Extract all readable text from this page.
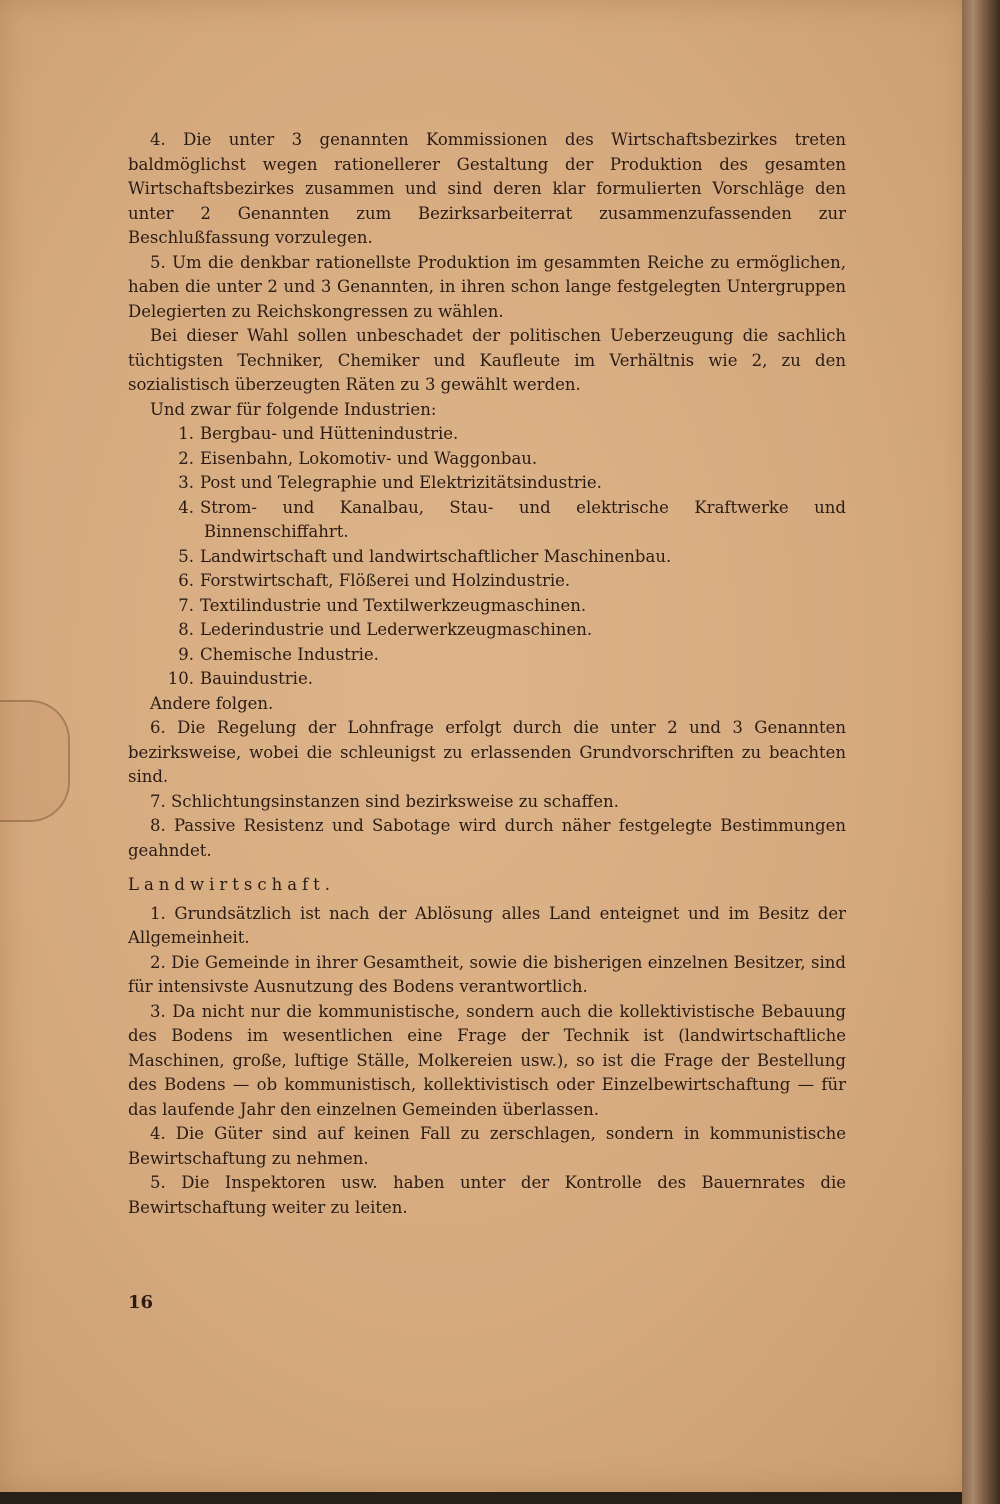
4. Die unter 3 genannten Kommissionen des Wirtschaftsbezirkes treten baldmöglichst wegen rationellerer Gestaltung der Produktion des gesamten Wirtschaftsbezirkes zusammen und sind deren klar formulierten Vorschläge den unter 2 Genannten zum Bezirksarbeiterrat zusammenzufassenden zur Beschlußfassung vorzulegen.

5. Um die denkbar rationellste Produktion im gesammten Reiche zu ermöglichen, haben die unter 2 und 3 Genannten, in ihren schon lange festgelegten Untergruppen Delegierten zu Reichskongressen zu wählen.

Bei dieser Wahl sollen unbeschadet der politischen Ueberzeugung die sachlich tüchtigsten Techniker, Chemiker und Kaufleute im Verhältnis wie 2, zu den sozialistisch überzeugten Räten zu 3 gewählt werden.

Und zwar für folgende Industrien:

1. Bergbau- und Hüttenindustrie.
2. Eisenbahn, Lokomotiv- und Waggonbau.
3. Post und Telegraphie und Elektrizitätsindustrie.
4. Strom- und Kanalbau, Stau- und elektrische Kraftwerke und Binnenschiffahrt.
5. Landwirtschaft und landwirtschaftlicher Maschinenbau.
6. Forstwirtschaft, Flößerei und Holzindustrie.
7. Textilindustrie und Textilwerkzeugmaschinen.
8. Lederindustrie und Lederwerkzeugmaschinen.
9. Chemische Industrie.
10. Bauindustrie.

Andere folgen.

6. Die Regelung der Lohnfrage erfolgt durch die unter 2 und 3 Genannten bezirksweise, wobei die schleunigst zu erlassenden Grundvorschriften zu beachten sind.

7. Schlichtungsinstanzen sind bezirksweise zu schaffen.

8. Passive Resistenz und Sabotage wird durch näher festgelegte Bestimmungen geahndet.

Landwirtschaft.

1. Grundsätzlich ist nach der Ablösung alles Land enteignet und im Besitz der Allgemeinheit.

2. Die Gemeinde in ihrer Gesamtheit, sowie die bisherigen einzelnen Besitzer, sind für intensivste Ausnutzung des Bodens verantwortlich.

3. Da nicht nur die kommunistische, sondern auch die kollektivistische Bebauung des Bodens im wesentlichen eine Frage der Technik ist (landwirtschaftliche Maschinen, große, luftige Ställe, Molkereien usw.), so ist die Frage der Bestellung des Bodens — ob kommunistisch, kollektivistisch oder Einzelbewirtschaftung — für das laufende Jahr den einzelnen Gemeinden überlassen.

4. Die Güter sind auf keinen Fall zu zerschlagen, sondern in kommunistische Bewirtschaftung zu nehmen.

5. Die Inspektoren usw. haben unter der Kontrolle des Bauernrates die Bewirtschaftung weiter zu leiten.

16
